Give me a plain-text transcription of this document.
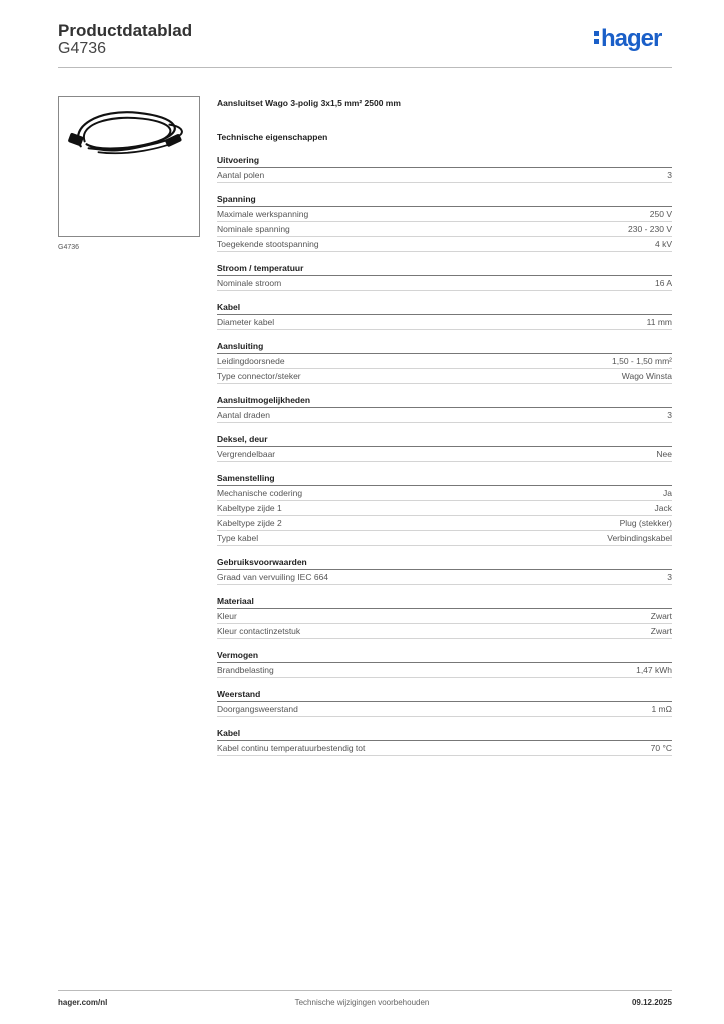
Productdatablad
G4736	hager
G4736
Aansluitset Wago 3-polig 3x1,5 mm² 2500 mm
Technische eigenschappen
Uitvoering
Aantal polen	3
Spanning
Maximale werkspanning	250 V
Nominale spanning	230 - 230 V
Toegekende stootspanning	4 kV
Stroom / temperatuur
Nominale stroom	16 A
Kabel
Diameter kabel	11 mm
Aansluiting
Leidingdoorsnede	1,50 - 1,50 mm²
Type connector/steker	Wago Winsta
Aansluitmogelijkheden
Aantal draden	3
Deksel, deur
Vergrendelbaar	Nee
Samenstelling
Mechanische codering	Ja
Kabeltype zijde 1	Jack
Kabeltype zijde 2	Plug (stekker)
Type kabel	Verbindingskabel
Gebruiksvoorwaarden
Graad van vervuiling IEC 664	3
Materiaal
Kleur	Zwart
Kleur contactinzetstuk	Zwart
Vermogen
Brandbelasting	1,47 kWh
Weerstand
Doorgangsweerstand	1 mΩ
Kabel
Kabel continu temperatuurbestendig tot	70 °C
hager.com/nl	Technische wijzigingen voorbehouden	09.12.2025
